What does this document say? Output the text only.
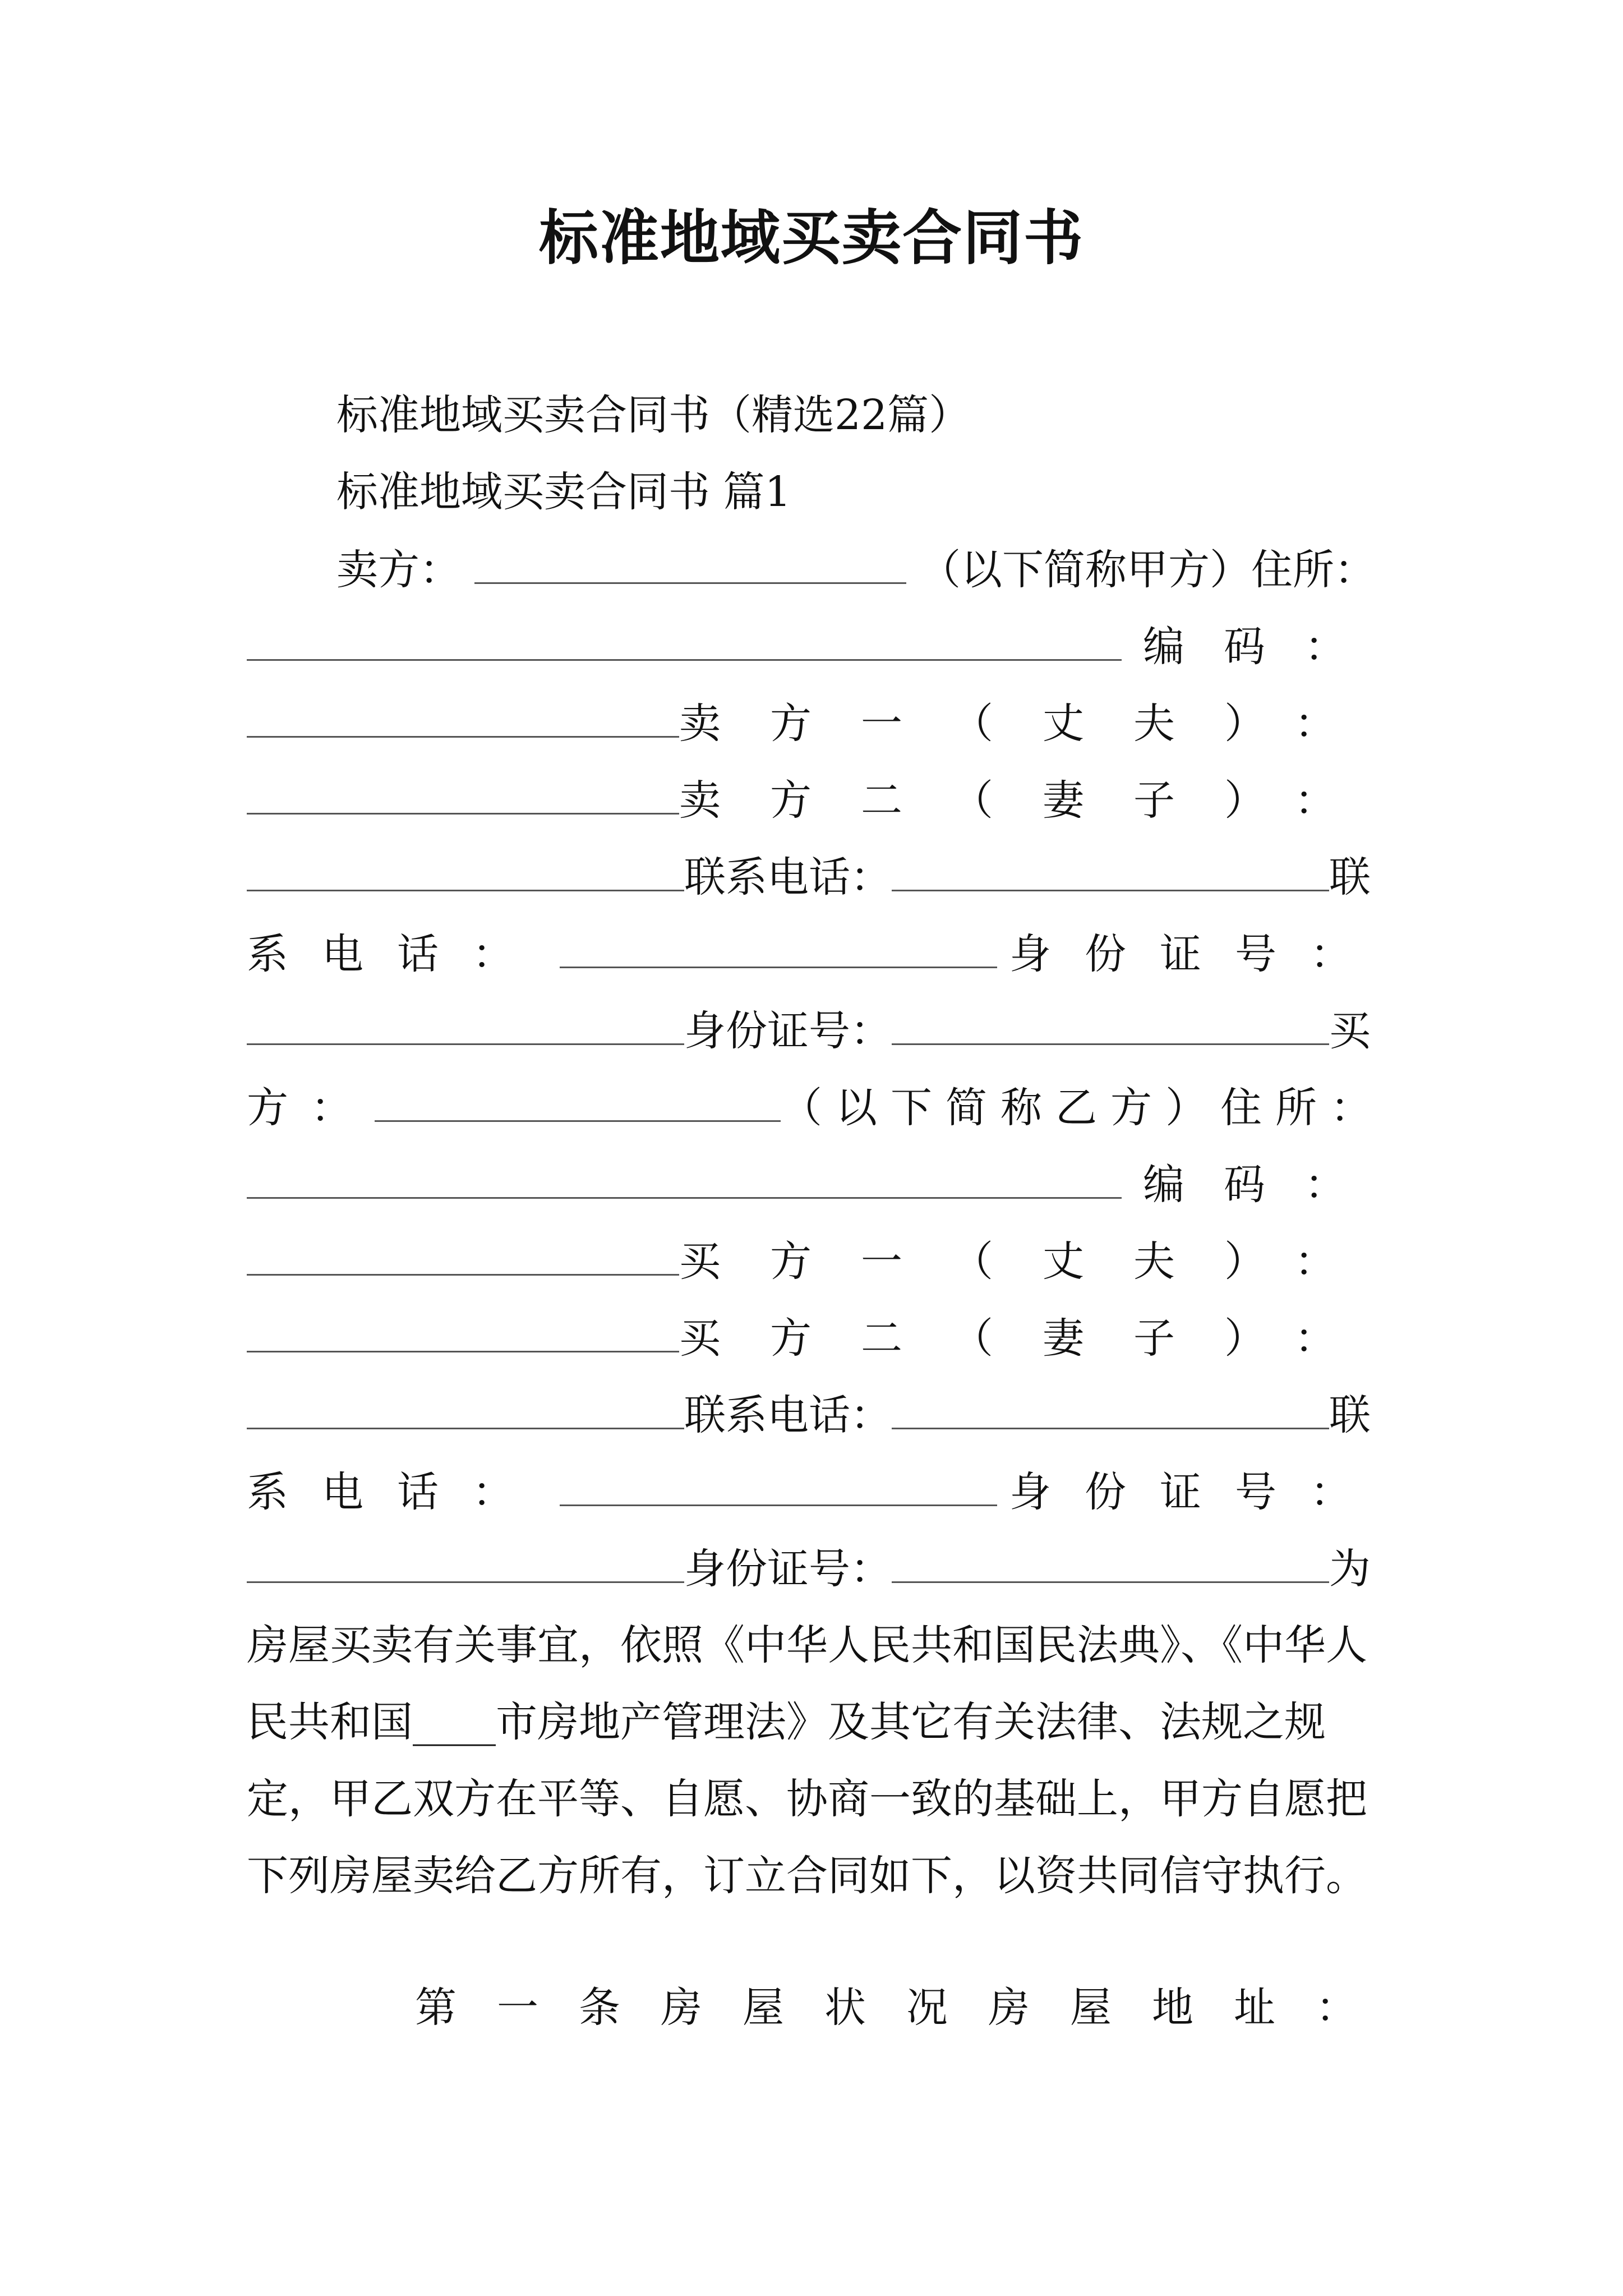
标准地域买卖合同书
标准地域买卖合同书（精选22篇）
标准地域买卖合同书 篇1
卖方：	（以下简称甲方）住所：
编码：
卖方一（丈夫）：
卖方二（妻子）：
联系电话：	联
系电话：	身份证号：
身份证号：	买
方：	（以下简称乙方）住所：
编码：
买方一（丈夫）：
买方二（妻子）：
联系电话：	联
系电话：	身份证号：
身份证号：	为
房屋买卖有关事宜，依照《中华人民共和国民法典》、《中华人民共和国____市房地产管理法》及其它有关法律、法规之规定，甲乙双方在平等、自愿、协商一致的基础上，甲方自愿把下列房屋卖给乙方所有，订立合同如下，以资共同信守执行。
第一条房屋状况房屋地址：
